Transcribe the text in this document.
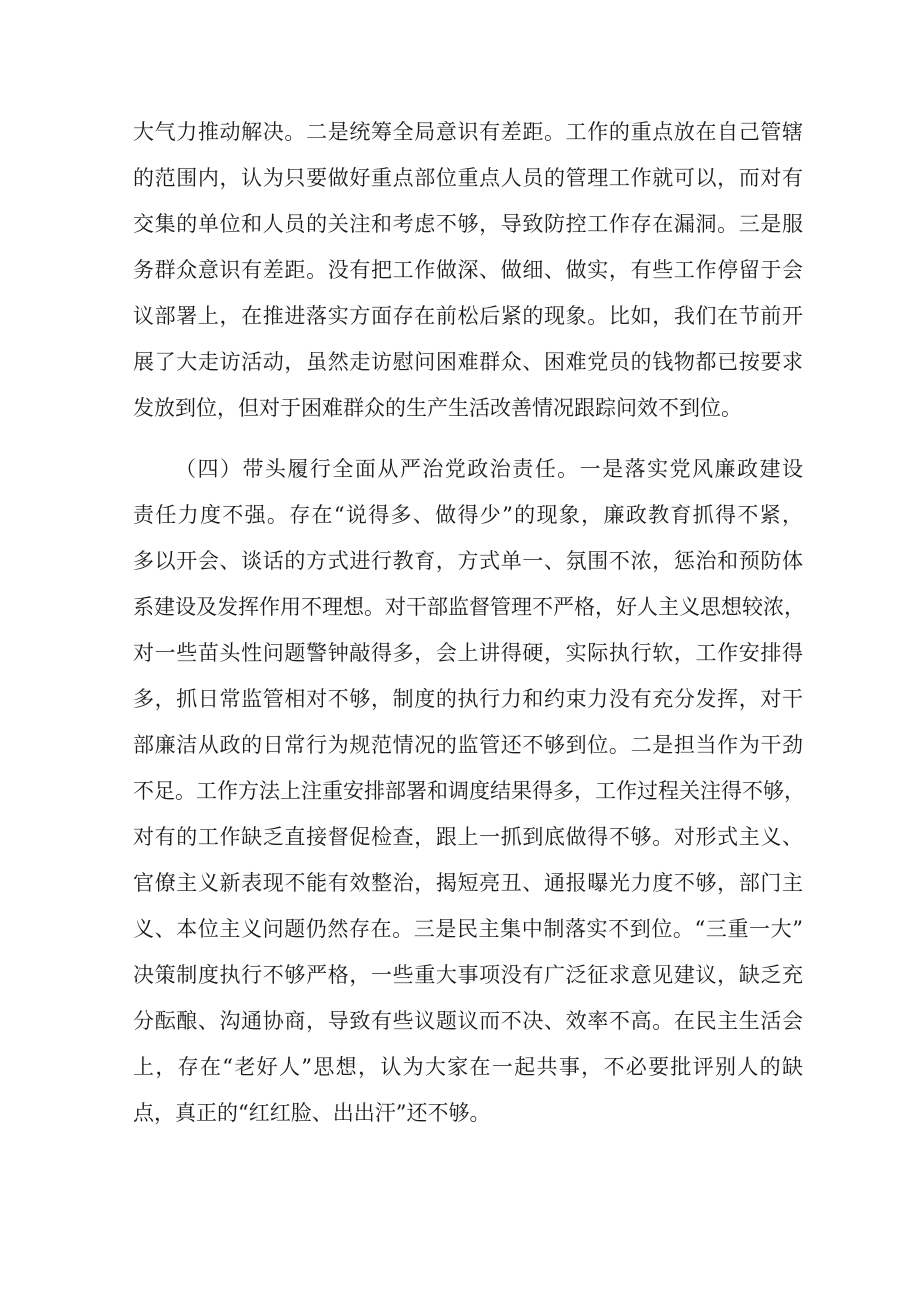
大气力推动解决。二是统筹全局意识有差距。工作的重点放在自己管辖
的范围内，认为只要做好重点部位重点人员的管理工作就可以，而对有
交集的单位和人员的关注和考虑不够，导致防控工作存在漏洞。三是服
务群众意识有差距。没有把工作做深、做细、做实，有些工作停留于会
议部署上，在推进落实方面存在前松后紧的现象。比如，我们在节前开
展了大走访活动，虽然走访慰问困难群众、困难党员的钱物都已按要求
发放到位，但对于困难群众的生产生活改善情况跟踪问效不到位。
（四）带头履行全面从严治党政治责任。一是落实党风廉政建设
责任力度不强。存在“说得多、做得少”的现象，廉政教育抓得不紧，
多以开会、谈话的方式进行教育，方式单一、氛围不浓，惩治和预防体
系建设及发挥作用不理想。对干部监督管理不严格，好人主义思想较浓，
对一些苗头性问题警钟敲得多，会上讲得硬，实际执行软，工作安排得
多，抓日常监管相对不够，制度的执行力和约束力没有充分发挥，对干
部廉洁从政的日常行为规范情况的监管还不够到位。二是担当作为干劲
不足。工作方法上注重安排部署和调度结果得多，工作过程关注得不够，
对有的工作缺乏直接督促检查，跟上一抓到底做得不够。对形式主义、
官僚主义新表现不能有效整治，揭短亮丑、通报曝光力度不够，部门主
义、本位主义问题仍然存在。三是民主集中制落实不到位。“三重一大”
决策制度执行不够严格，一些重大事项没有广泛征求意见建议，缺乏充
分酝酿、沟通协商，导致有些议题议而不决、效率不高。在民主生活会
上，存在“老好人”思想，认为大家在一起共事，不必要批评别人的缺
点，真正的“红红脸、出出汗”还不够。
